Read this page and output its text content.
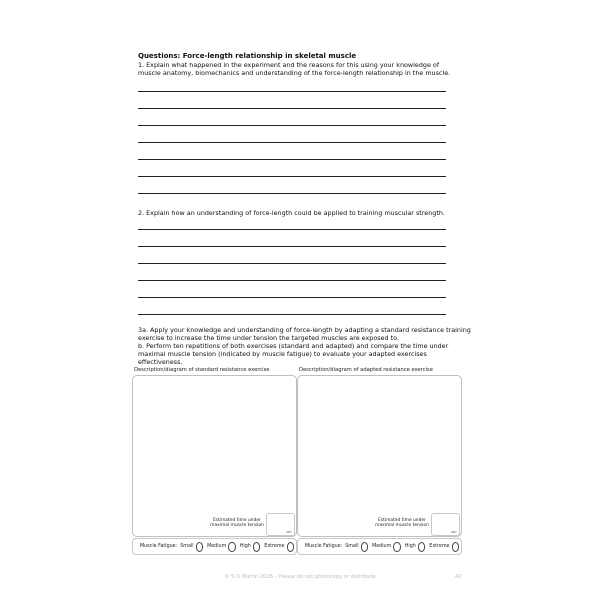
Questions: Force-length relationship in skeletal muscle
1. Explain what happened in the experiment and the reasons for this using your knowledge of muscle anatomy, biomechanics and understanding of the force-length relationship in the muscle.
2. Explain how an understanding of force-length could be applied to training muscular strength.
3a. Apply your knowledge and understanding of force-length by adapting a standard resistance training exercise to increase the time under tension the targeted muscles are exposed to.
b. Perform ten repetitions of both exercises (standard and adapted) and compare the time under maximal muscle tension (indicated by muscle fatigue) to evaluate your adapted exercises effectiveness.
Description/diagram of standard resistance exercise
Estimated time under
maximal muscle tension
sec
Muscle Fatigue: Small	Medium	High	Extreme
Description/diagram of adapted resistance exercise
Estimated time under
maximal muscle tension
sec
Muscle Fatigue: Small	Medium	High	Extreme
© S D Martin 2026 - Please do not photocopy or distribute	42
